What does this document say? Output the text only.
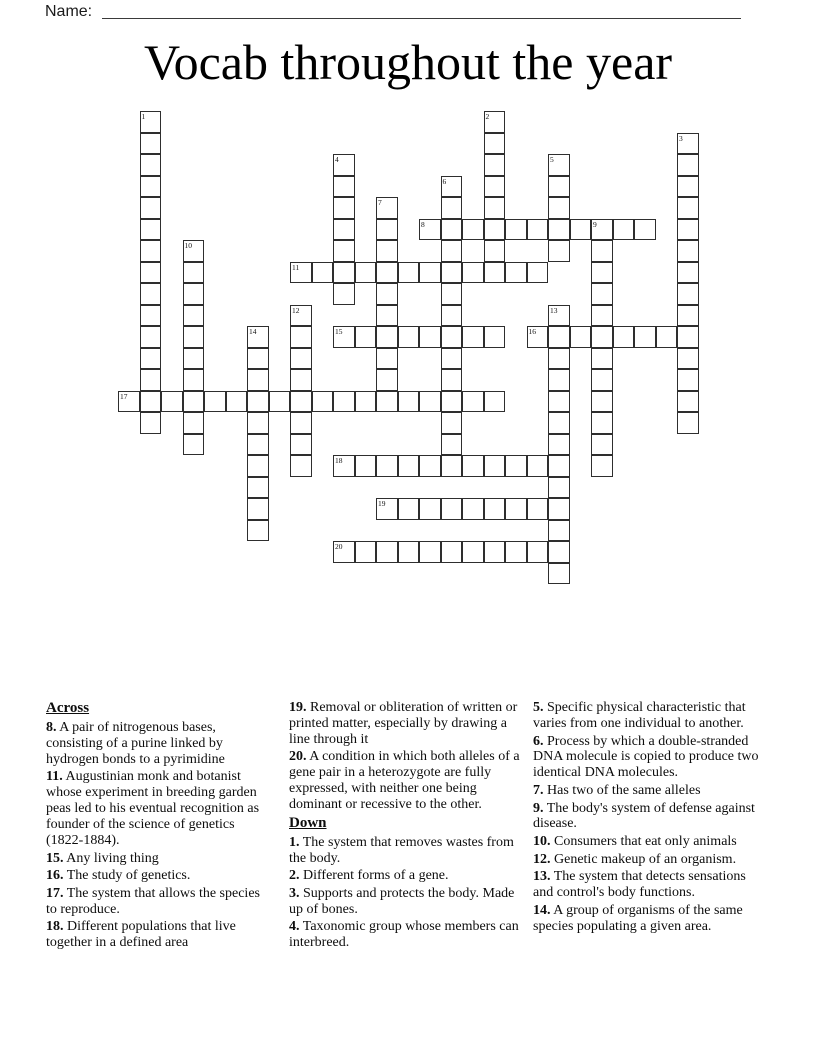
Name:
Vocab throughout the year
1	2
3
4	5
6
7
8	9
10
11
12	13
14	15	16
17
18
19
20
Across
8. A pair of nitrogenous bases, consisting of a purine linked by hydrogen bonds to a pyrimidine
11. Augustinian monk and botanist whose experiment in breeding garden peas led to his eventual recognition as founder of the science of genetics (1822-1884).
15. Any living thing
16. The study of genetics.
17. The system that allows the species to reproduce.
18. Different populations that live together in a defined area
19. Removal or obliteration of written or printed matter, especially by drawing a line through it
20. A condition in which both alleles of a gene pair in a heterozygote are fully expressed, with neither one being dominant or recessive to the other.
Down
1. The system that removes wastes from the body.
2. Different forms of a gene.
3. Supports and protects the body. Made up of bones.
4. Taxonomic group whose members can interbreed.
5. Specific physical characteristic that varies from one individual to another.
6. Process by which a double-stranded DNA molecule is copied to produce two identical DNA molecules.
7. Has two of the same alleles
9. The body's system of defense against disease.
10. Consumers that eat only animals
12. Genetic makeup of an organism.
13. The system that detects sensations and control's body functions.
14. A group of organisms of the same species populating a given area.
